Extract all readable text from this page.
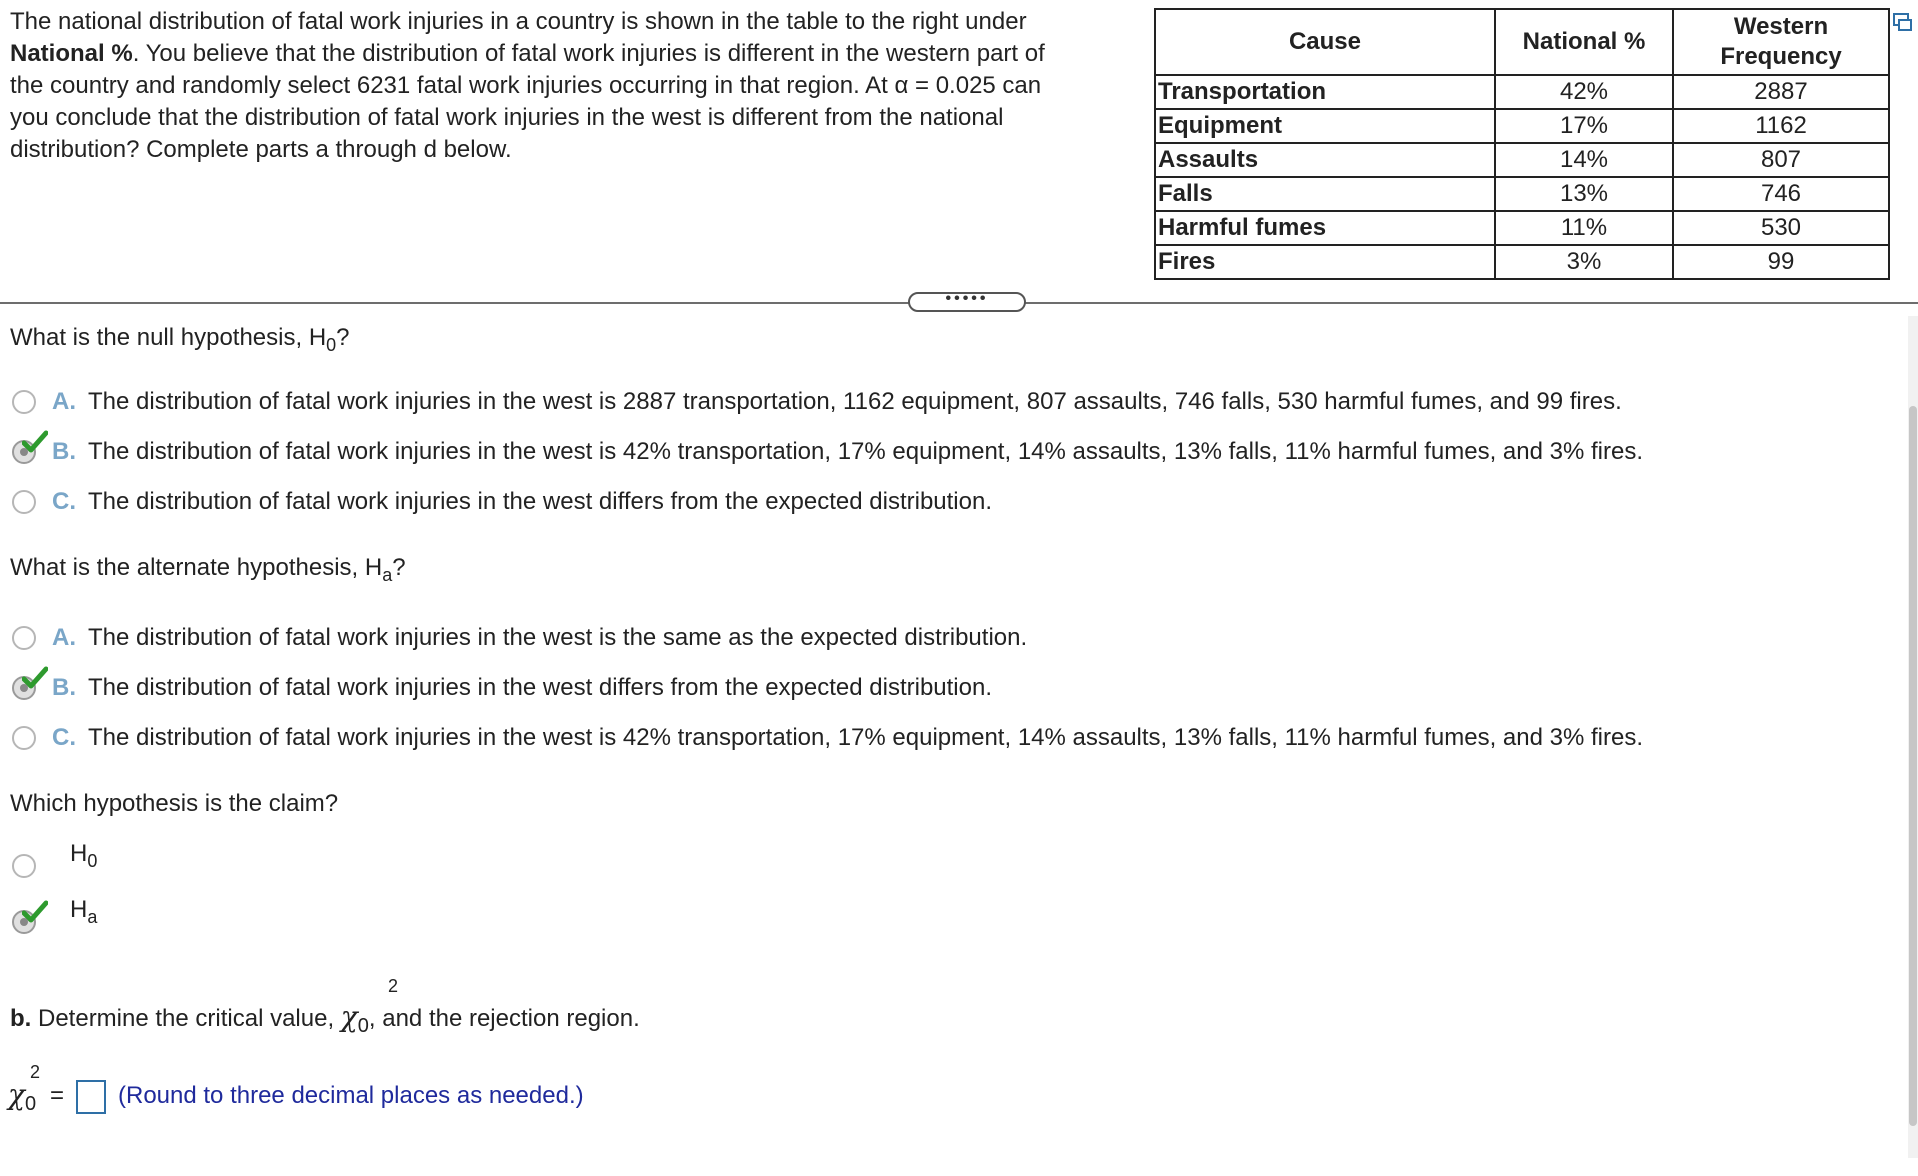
The national distribution of fatal work injuries in a country is shown in the table to the right under
National %. You believe that the distribution of fatal work injuries is different in the western part of
the country and randomly select 6231 fatal work injuries occurring in that region. At α = 0.025 can
you conclude that the distribution of fatal work injuries in the west is different from the national
distribution? Complete parts a through d below.
Cause	National %	Western
Frequency

Transportation	42%	2887
Equipment	17%	1162
Assaults	14%	807
Falls	13%	746
Harmful fumes	11%	530
Fires	3%	99
•••••
What is the null hypothesis, $H_0$?
A. The distribution of fatal work injuries in the west is 2887 transportation, 1162 equipment, 807 assaults, 746 falls, 530 harmful fumes, and 99 fires.
B. The distribution of fatal work injuries in the west is 42% transportation, 17% equipment, 14% assaults, 13% falls, 11% harmful fumes, and 3% fires.
C. The distribution of fatal work injuries in the west differs from the expected distribution.
What is the alternate hypothesis, $H_a$?
A. The distribution of fatal work injuries in the west is the same as the expected distribution.
B. The distribution of fatal work injuries in the west differs from the expected distribution.
C. The distribution of fatal work injuries in the west is 42% transportation, 17% equipment, 14% assaults, 13% falls, 11% harmful fumes, and 3% fires.
Which hypothesis is the claim?
$H_0$
$H_a$
2
b. Determine the critical value, $\chi_0$, and the rejection region.
2
$\chi_0$ = (Round to three decimal places as needed.)
